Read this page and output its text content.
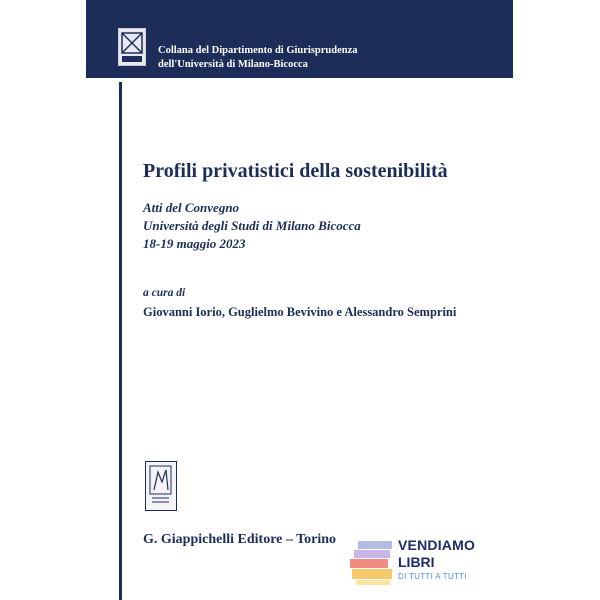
Collana del Dipartimento di Giurisprudenza
dell'Università di Milano-Bicocca
Profili privatistici della sostenibilità
Atti del Convegno
Università degli Studi di Milano Bicocca
18-19 maggio 2023
a cura di
Giovanni Iorio, Guglielmo Bevivino e Alessandro Semprini
G. Giappichelli Editore – Torino	VENDIAMO
LIBRI
DI TUTTI A TUTTI
